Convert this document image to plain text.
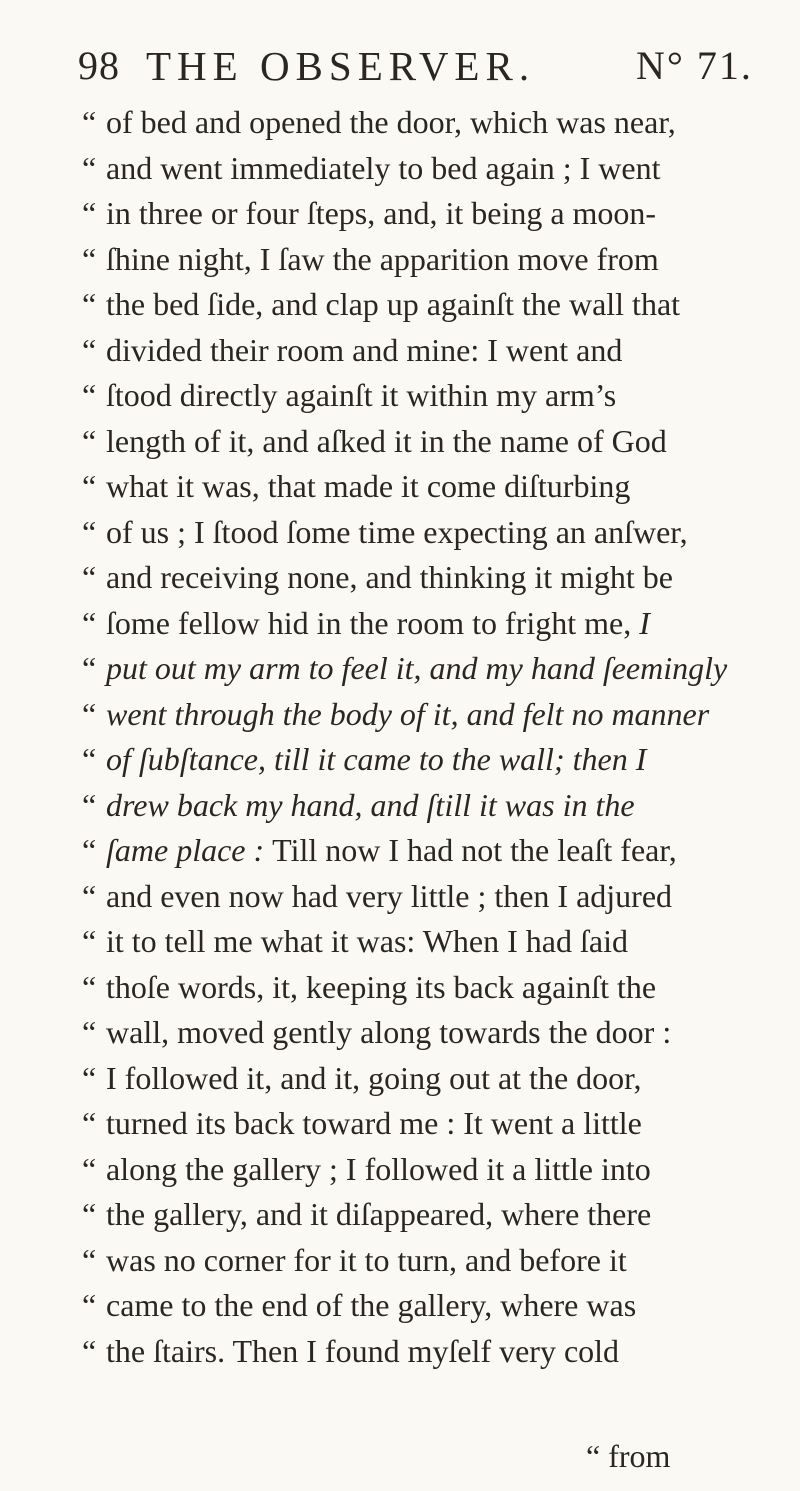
98 THE OBSERVER.	N° 71.
“ of bed and opened the door, which was near,
“ and went immediately to bed again ; I went
“ in three or four ſteps, and, it being a moon-
“ ſhine night, I ſaw the apparition move from
“ the bed ſide, and clap up againſt the wall that
“ divided their room and mine: I went and
“ ſtood directly againſt it within my arm’s
“ length of it, and aſked it in the name of God
“ what it was, that made it come diſturbing
“ of us ; I ſtood ſome time expecting an anſwer,
“ and receiving none, and thinking it might be
“ ſome fellow hid in the room to fright me, I
“ put out my arm to feel it, and my hand ſeemingly
“ went through the body of it, and felt no manner
“ of ſubſtance, till it came to the wall; then I
“ drew back my hand, and ſtill it was in the
“ ſame place : Till now I had not the leaſt fear,
“ and even now had very little ; then I adjured
“ it to tell me what it was: When I had ſaid
“ thoſe words, it, keeping its back againſt the
“ wall, moved gently along towards the door :
“ I followed it, and it, going out at the door,
“ turned its back toward me : It went a little
“ along the gallery ; I followed it a little into
“ the gallery, and it diſappeared, where there
“ was no corner for it to turn, and before it
“ came to the end of the gallery, where was
“ the ſtairs. Then I found myſelf very cold
“ from
